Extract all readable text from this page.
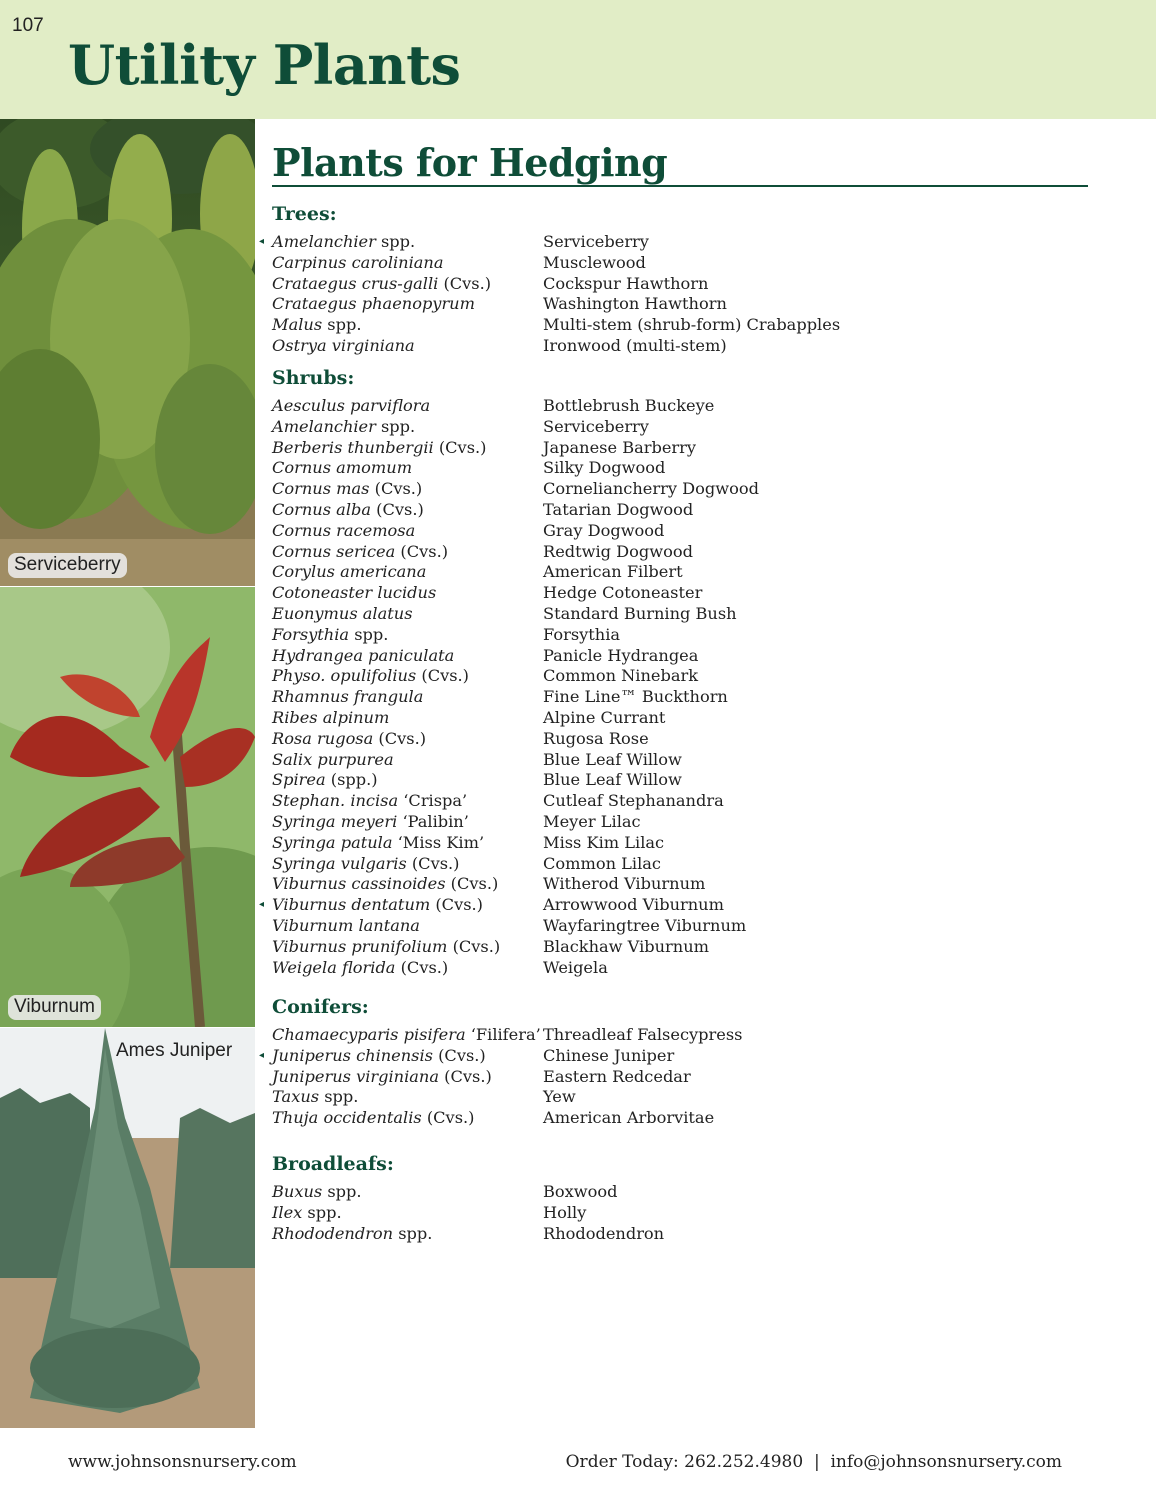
107
Utility Plants
Serviceberry
Viburnum
Ames Juniper
Plants for Hedging
Trees:
◂ Amelanchier spp.	Serviceberry
Carpinus caroliniana	Musclewood
Crataegus crus-galli (Cvs.)	Cockspur Hawthorn
Crataegus phaenopyrum	Washington Hawthorn
Malus spp.	Multi-stem (shrub-form) Crabapples
Ostrya virginiana	Ironwood (multi-stem)
Shrubs:
Aesculus parviflora	Bottlebrush Buckeye
Amelanchier spp.	Serviceberry
Berberis thunbergii (Cvs.)	Japanese Barberry
Cornus amomum	Silky Dogwood
Cornus mas (Cvs.)	Corneliancherry Dogwood
Cornus alba (Cvs.)	Tatarian Dogwood
Cornus racemosa	Gray Dogwood
Cornus sericea (Cvs.)	Redtwig Dogwood
Corylus americana	American Filbert
Cotoneaster lucidus	Hedge Cotoneaster
Euonymus alatus	Standard Burning Bush
Forsythia spp.	Forsythia
Hydrangea paniculata	Panicle Hydrangea
Physo. opulifolius (Cvs.)	Common Ninebark
Rhamnus frangula	Fine Line™ Buckthorn
Ribes alpinum	Alpine Currant
Rosa rugosa (Cvs.)	Rugosa Rose
Salix purpurea	Blue Leaf Willow
Spirea (spp.)	Blue Leaf Willow
Stephan. incisa ‘Crispa’	Cutleaf Stephanandra
Syringa meyeri ‘Palibin’	Meyer Lilac
Syringa patula ‘Miss Kim’	Miss Kim Lilac
Syringa vulgaris (Cvs.)	Common Lilac
Viburnus cassinoides (Cvs.)	Witherod Viburnum
◂ Viburnus dentatum (Cvs.)	Arrowwood Viburnum
Viburnum lantana	Wayfaringtree Viburnum
Viburnus prunifolium (Cvs.)	Blackhaw Viburnum
Weigela florida (Cvs.)	Weigela
Conifers:
Chamaecyparis pisifera ‘Filifera’ Threadleaf Falsecypress
◂ Juniperus chinensis (Cvs.)	Chinese Juniper
Juniperus virginiana (Cvs.)	Eastern Redcedar
Taxus spp.	Yew
Thuja occidentalis (Cvs.)	American Arborvitae
Broadleafs:
Buxus spp.	Boxwood
Ilex spp.	Holly
Rhododendron spp.	Rhododendron
www.johnsonsnursery.com	Order Today: 262.252.4980  |  info@johnsonsnursery.com
